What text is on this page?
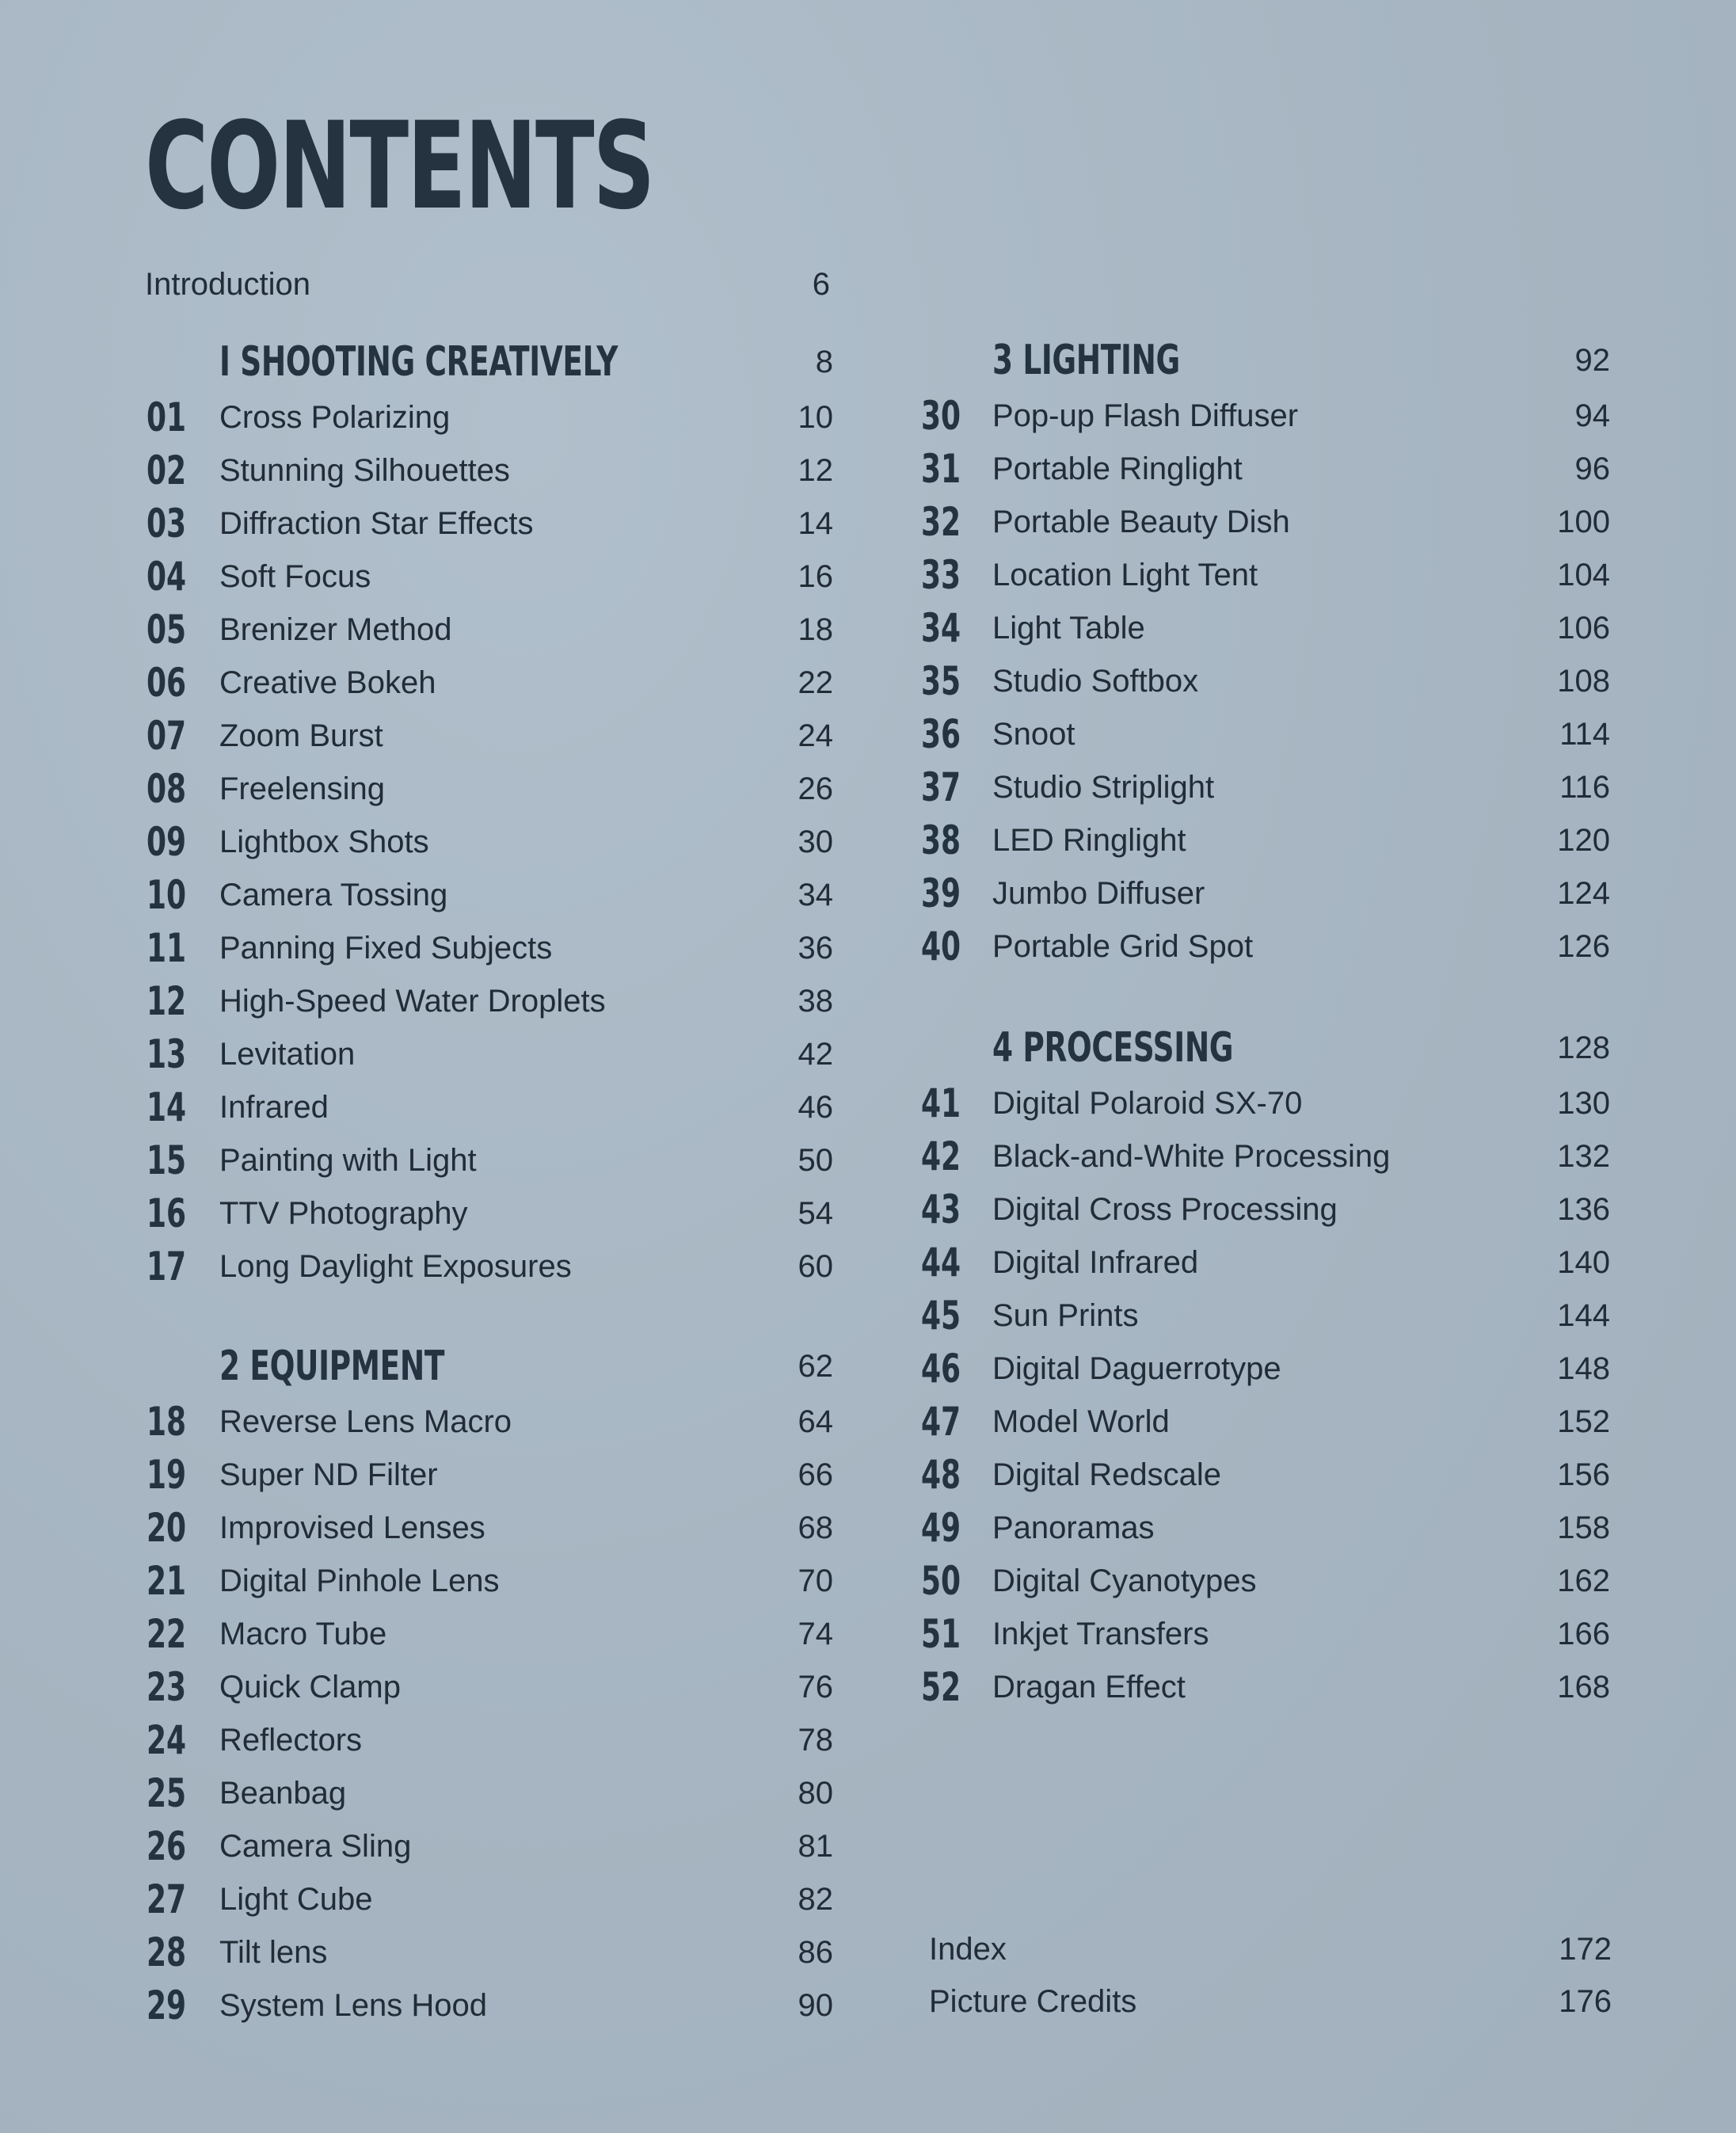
CONTENTS
Introduction	6
I SHOOTING CREATIVELY	8
01 Cross Polarizing	10
02 Stunning Silhouettes	12
03 Diffraction Star Effects	14
04 Soft Focus	16
05 Brenizer Method	18
06 Creative Bokeh	22
07 Zoom Burst	24
08 Freelensing	26
09 Lightbox Shots	30
10 Camera Tossing	34
11 Panning Fixed Subjects	36
12 High-Speed Water Droplets	38
13 Levitation	42
14 Infrared	46
15 Painting with Light	50
16 TTV Photography	54
17 Long Daylight Exposures	60
2 EQUIPMENT	62
18 Reverse Lens Macro	64
19 Super ND Filter	66
20 Improvised Lenses	68
21 Digital Pinhole Lens	70
22 Macro Tube	74
23 Quick Clamp	76
24 Reflectors	78
25 Beanbag	80
26 Camera Sling	81
27 Light Cube	82
28 Tilt lens	86
29 System Lens Hood	90
3 LIGHTING	92
30 Pop-up Flash Diffuser	94
31 Portable Ringlight	96
32 Portable Beauty Dish	100
33 Location Light Tent	104
34 Light Table	106
35 Studio Softbox	108
36 Snoot	114
37 Studio Striplight	116
38 LED Ringlight	120
39 Jumbo Diffuser	124
40 Portable Grid Spot	126
4 PROCESSING	128
41 Digital Polaroid SX-70	130
42 Black-and-White Processing	132
43 Digital Cross Processing	136
44 Digital Infrared	140
45 Sun Prints	144
46 Digital Daguerrotype	148
47 Model World	152
48 Digital Redscale	156
49 Panoramas	158
50 Digital Cyanotypes	162
51 Inkjet Transfers	166
52 Dragan Effect	168
Index	172
Picture Credits	176
